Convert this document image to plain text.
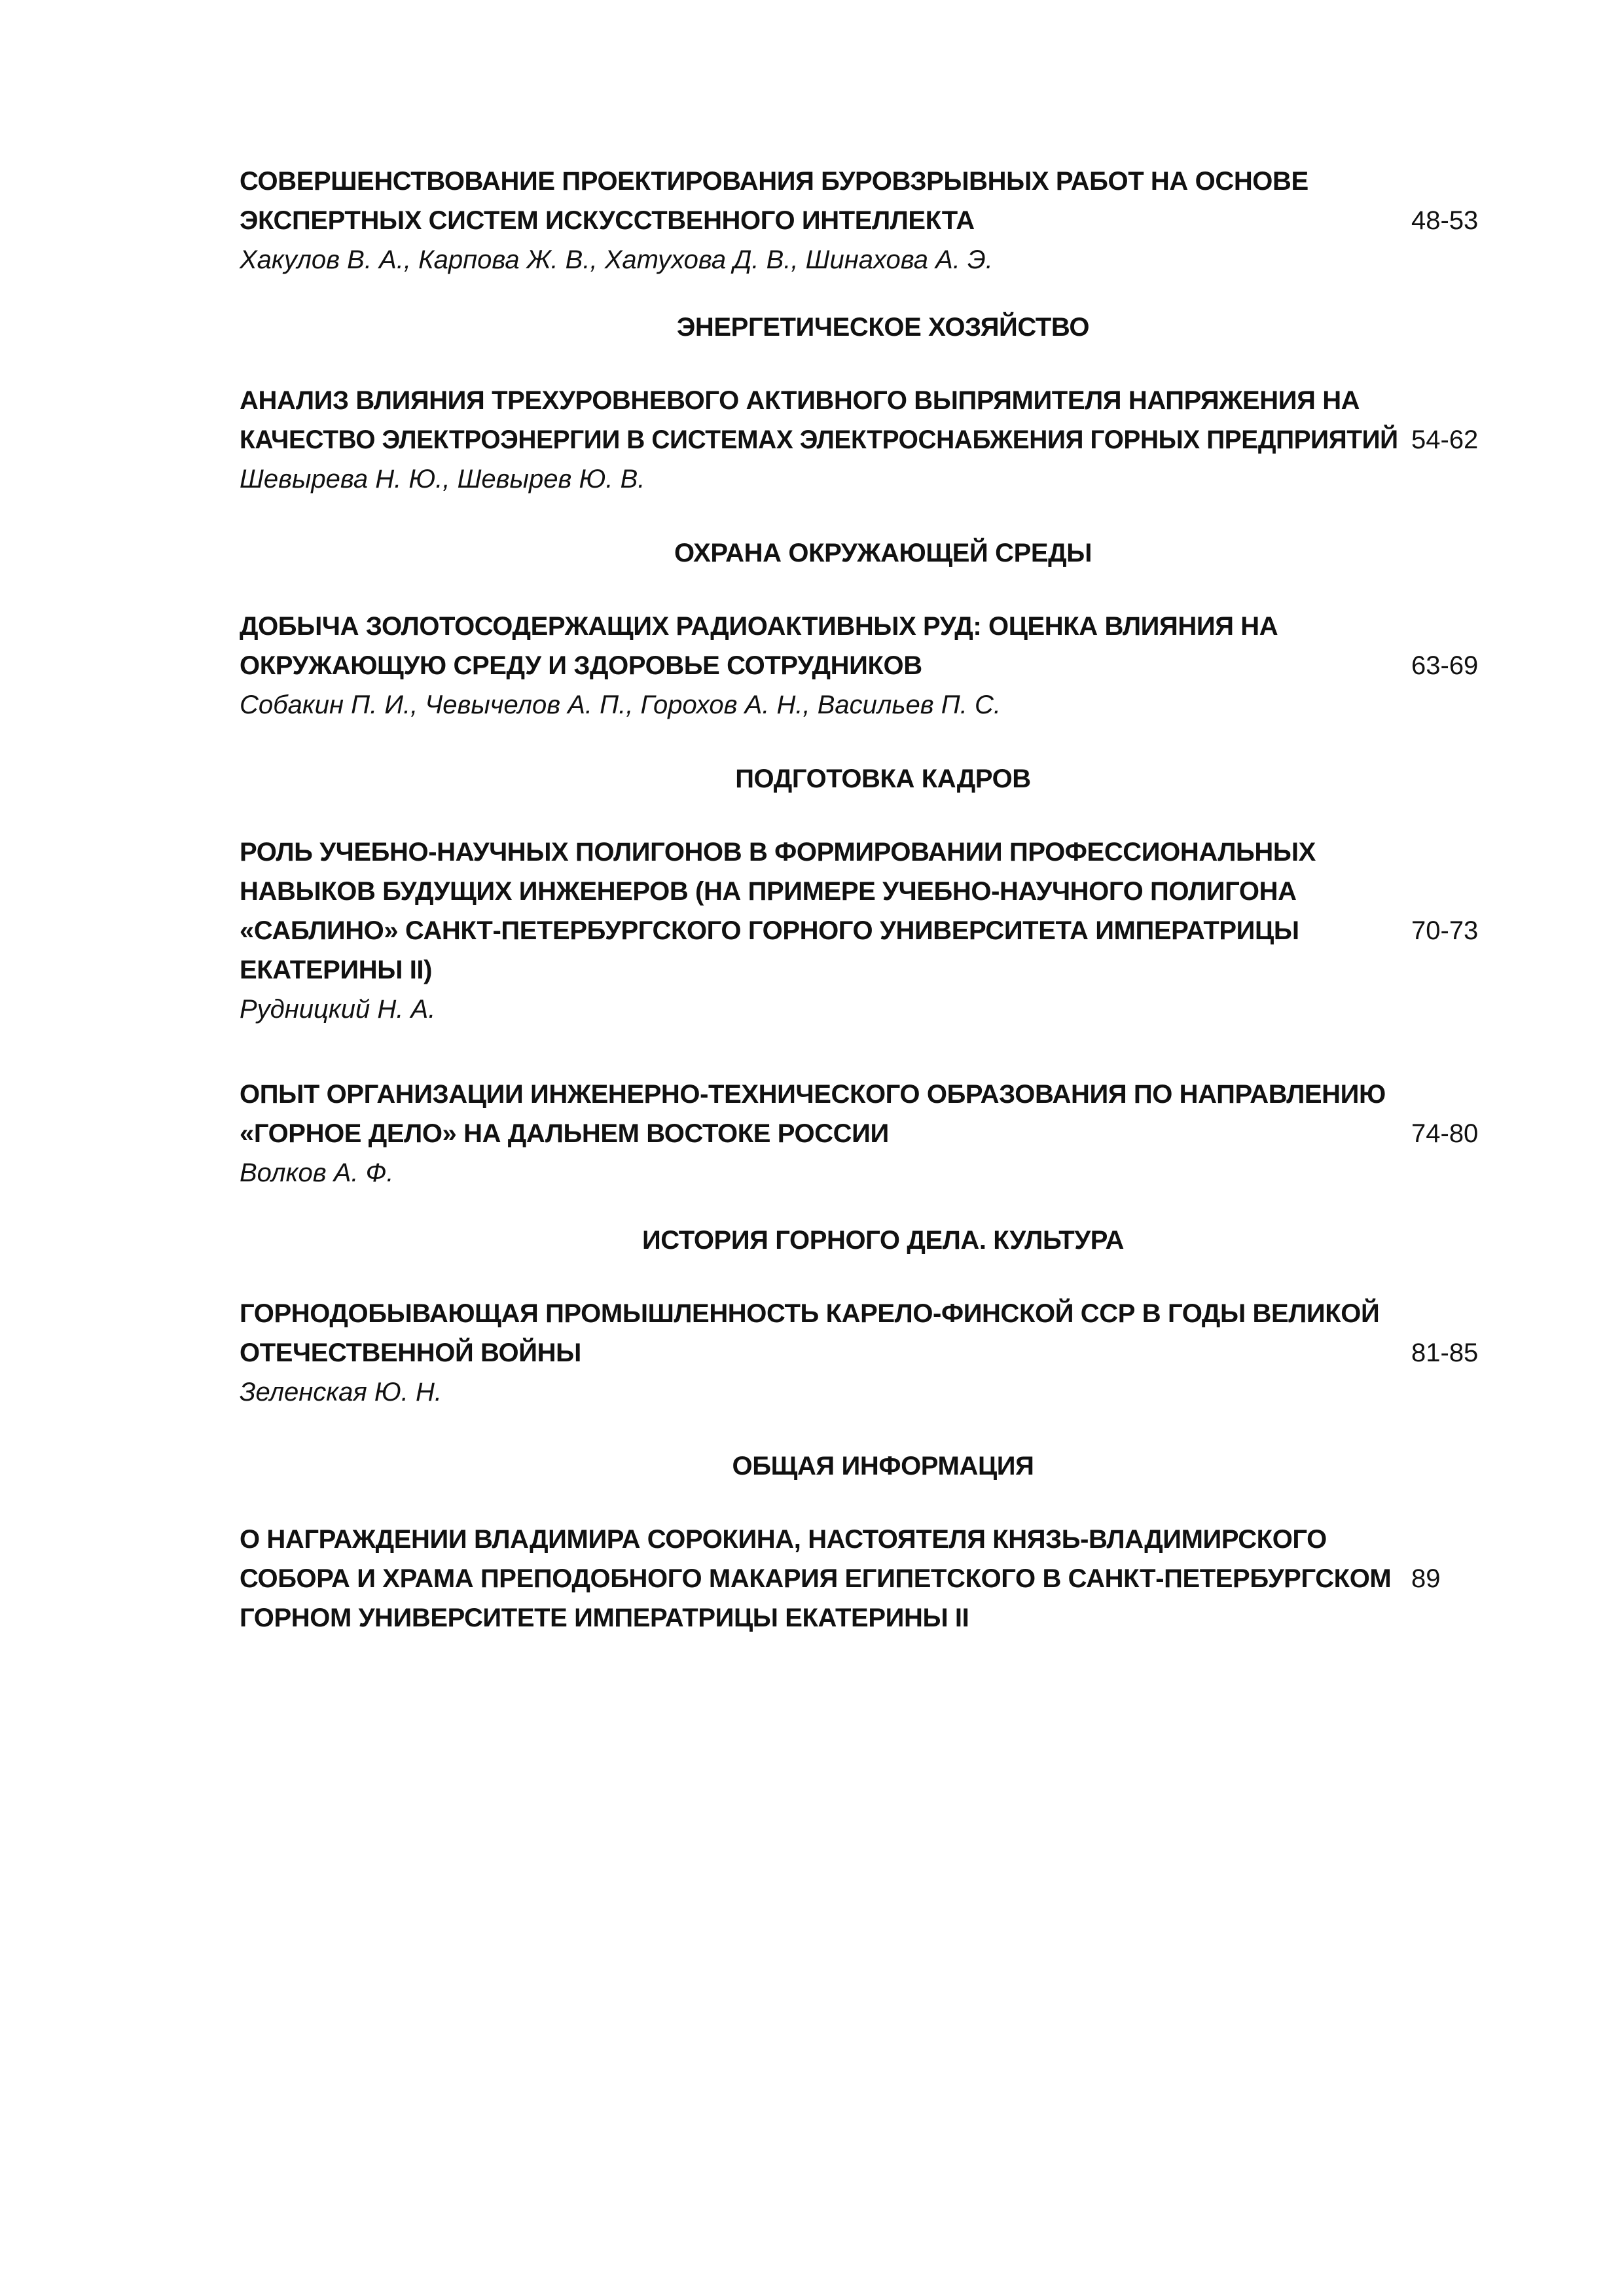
СОВЕРШЕНСТВОВАНИЕ ПРОЕКТИРОВАНИЯ БУРОВЗРЫВНЫХ РАБОТ НА ОСНОВЕ
ЭКСПЕРТНЫХ СИСТЕМ ИСКУССТВЕННОГО ИНТЕЛЛЕКТА
Хакулов В. А., Карпова Ж. В., Хатухова Д. В., Шинахова А. Э.
48-53
ЭНЕРГЕТИЧЕСКОЕ ХОЗЯЙСТВО
АНАЛИЗ ВЛИЯНИЯ ТРЕХУРОВНЕВОГО АКТИВНОГО ВЫПРЯМИТЕЛЯ НАПРЯЖЕНИЯ НА
КАЧЕСТВО ЭЛЕКТРОЭНЕРГИИ В СИСТЕМАХ ЭЛЕКТРОСНАБЖЕНИЯ ГОРНЫХ ПРЕДПРИЯТИЙ
Шевырева Н. Ю., Шевырев Ю. В.
54-62
ОХРАНА ОКРУЖАЮЩЕЙ СРЕДЫ
ДОБЫЧА ЗОЛОТОСОДЕРЖАЩИХ РАДИОАКТИВНЫХ РУД: ОЦЕНКА ВЛИЯНИЯ НА
ОКРУЖАЮЩУЮ СРЕДУ И ЗДОРОВЬЕ СОТРУДНИКОВ
Собакин П. И., Чевычелов А. П., Горохов А. Н., Васильев П. С.
63-69
ПОДГОТОВКА КАДРОВ
РОЛЬ УЧЕБНО-НАУЧНЫХ ПОЛИГОНОВ В ФОРМИРОВАНИИ ПРОФЕССИОНАЛЬНЫХ
НАВЫКОВ БУДУЩИХ ИНЖЕНЕРОВ (НА ПРИМЕРЕ УЧЕБНО-НАУЧНОГО ПОЛИГОНА
«САБЛИНО» САНКТ-ПЕТЕРБУРГСКОГО ГОРНОГО УНИВЕРСИТЕТА ИМПЕРАТРИЦЫ
ЕКАТЕРИНЫ II)
Рудницкий Н. А.
70-73
ОПЫТ ОРГАНИЗАЦИИ ИНЖЕНЕРНО-ТЕХНИЧЕСКОГО ОБРАЗОВАНИЯ ПО НАПРАВЛЕНИЮ
«ГОРНОЕ ДЕЛО» НА ДАЛЬНЕМ ВОСТОКЕ РОССИИ
Волков А. Ф.
74-80
ИСТОРИЯ ГОРНОГО ДЕЛА. КУЛЬТУРА
ГОРНОДОБЫВАЮЩАЯ ПРОМЫШЛЕННОСТЬ КАРЕЛО-ФИНСКОЙ ССР В ГОДЫ ВЕЛИКОЙ
ОТЕЧЕСТВЕННОЙ ВОЙНЫ
Зеленская Ю. Н.
81-85
ОБЩАЯ ИНФОРМАЦИЯ
О НАГРАЖДЕНИИ ВЛАДИМИРА СОРОКИНА, НАСТОЯТЕЛЯ КНЯЗЬ-ВЛАДИМИРСКОГО
СОБОРА И ХРАМА ПРЕПОДОБНОГО МАКАРИЯ ЕГИПЕТСКОГО В САНКТ-ПЕТЕРБУРГСКОМ
ГОРНОМ УНИВЕРСИТЕТЕ ИМПЕРАТРИЦЫ ЕКАТЕРИНЫ II
89
